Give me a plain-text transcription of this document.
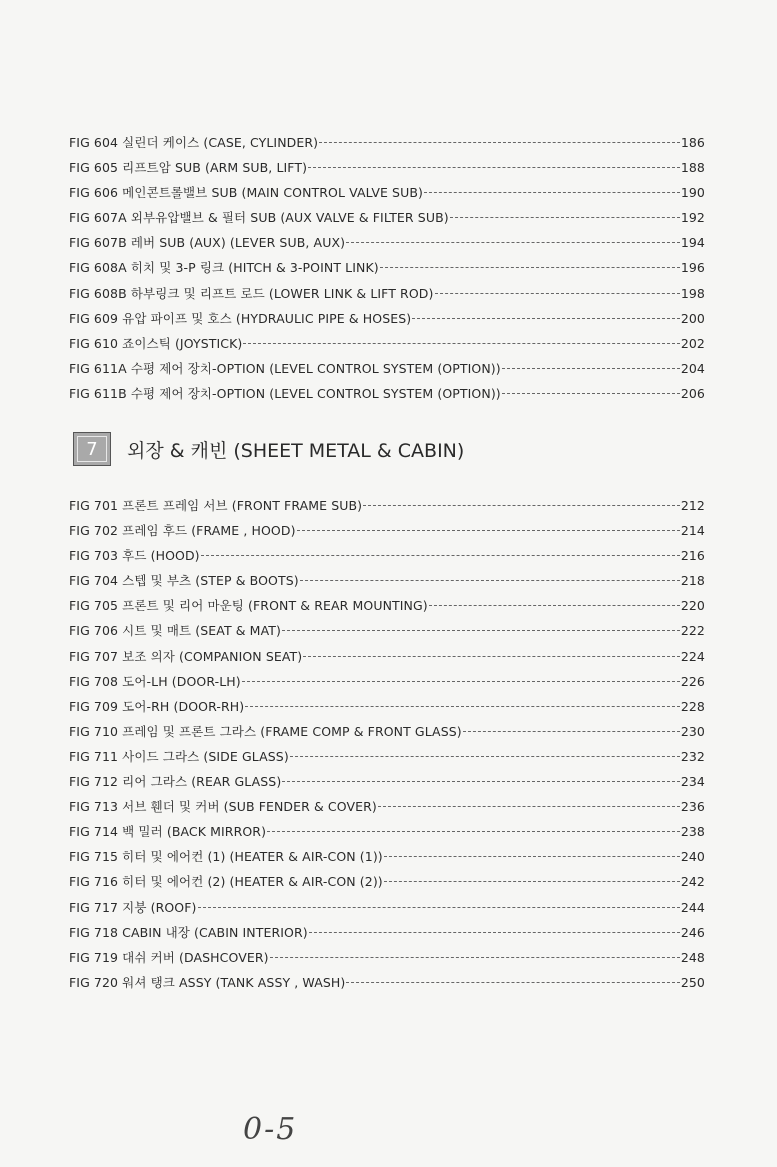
FIG 604 실린더 케이스 (CASE, CYLINDER)	186
FIG 605 리프트암 SUB (ARM SUB, LIFT)	188
FIG 606 메인콘트롤밸브 SUB (MAIN CONTROL VALVE SUB)	190
FIG 607A 외부유압밸브 & 필터 SUB (AUX VALVE & FILTER SUB)	192
FIG 607B 레버 SUB (AUX) (LEVER SUB, AUX)	194
FIG 608A 히치 및 3-P 링크 (HITCH & 3-POINT LINK)	196
FIG 608B 하부링크 및 리프트 로드 (LOWER LINK & LIFT ROD)	198
FIG 609 유압 파이프 및 호스 (HYDRAULIC PIPE & HOSES)	200
FIG 610 죠이스틱 (JOYSTICK)	202
FIG 611A 수평 제어 장치-OPTION (LEVEL CONTROL SYSTEM (OPTION))	204
FIG 611B 수평 제어 장치-OPTION (LEVEL CONTROL SYSTEM (OPTION))	206
7 외장 & 캐빈 (SHEET METAL & CABIN)
FIG 701 프론트 프레임 서브 (FRONT FRAME SUB)	212
FIG 702 프레임 후드 (FRAME , HOOD)	214
FIG 703 후드 (HOOD)	216
FIG 704 스텝 및 부츠 (STEP & BOOTS)	218
FIG 705 프론트 및 리어 마운팅 (FRONT & REAR MOUNTING)	220
FIG 706 시트 및 매트 (SEAT & MAT)	222
FIG 707 보조 의자 (COMPANION SEAT)	224
FIG 708 도어-LH (DOOR-LH)	226
FIG 709 도어-RH (DOOR-RH)	228
FIG 710 프레임 및 프론트 그라스 (FRAME COMP & FRONT GLASS)	230
FIG 711 사이드 그라스 (SIDE GLASS)	232
FIG 712 리어 그라스 (REAR GLASS)	234
FIG 713 서브 휀더 및 커버 (SUB FENDER & COVER)	236
FIG 714 백 밀러 (BACK MIRROR)	238
FIG 715 히터 및 에어컨 (1) (HEATER & AIR-CON (1))	240
FIG 716 히터 및 에어컨 (2) (HEATER & AIR-CON (2))	242
FIG 717 지붕 (ROOF)	244
FIG 718 CABIN 내장 (CABIN INTERIOR)	246
FIG 719 대쉬 커버 (DASHCOVER)	248
FIG 720 워셔 탱크 ASSY (TANK ASSY , WASH)	250
0-5
